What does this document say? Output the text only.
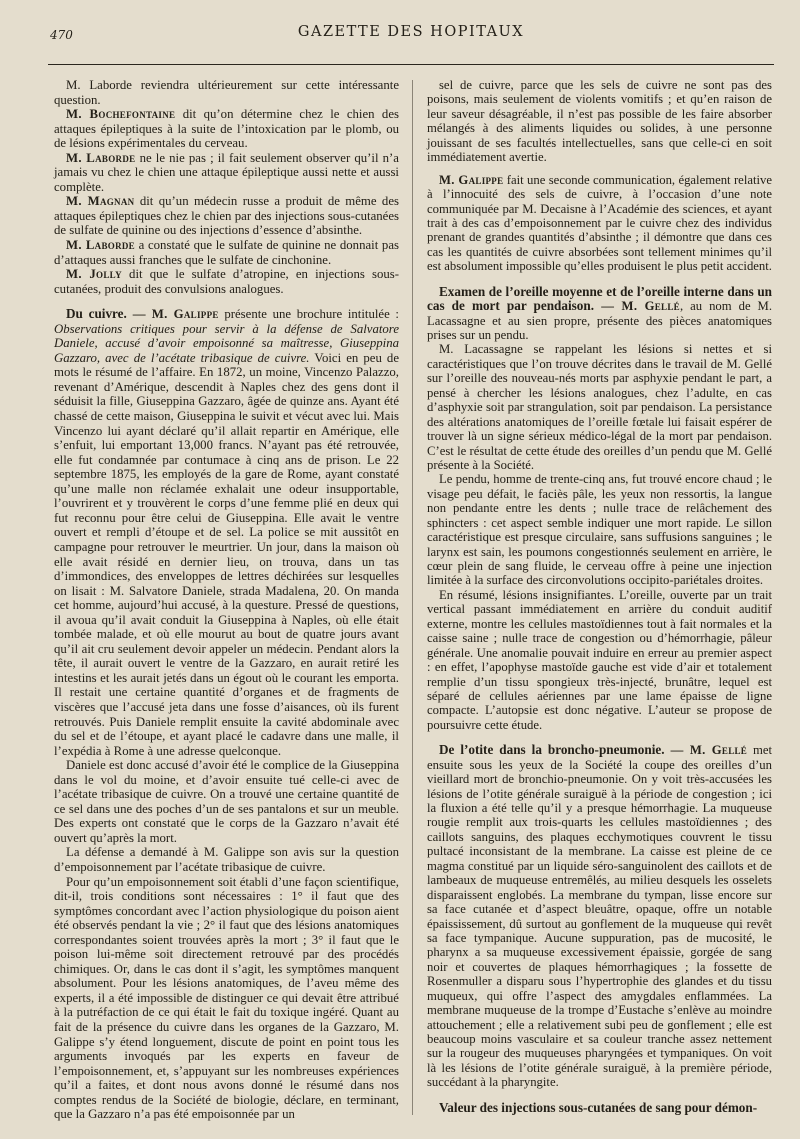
470	GAZETTE DES HOPITAUX

M. Laborde reviendra ultérieurement sur cette intéressante question.

M. Bochefontaine dit qu’on détermine chez le chien des attaques épileptiques à la suite de l’intoxication par le plomb, ou de lésions expérimentales du cerveau.

M. Laborde ne le nie pas ; il fait seulement observer qu’il n’a jamais vu chez le chien une attaque épileptique aussi nette et aussi complète.

M. Magnan dit qu’un médecin russe a produit de même des attaques épileptiques chez le chien par des injections sous-cutanées de sulfate de quinine ou des injections d’essence d’absinthe.

M. Laborde a constaté que le sulfate de quinine ne donnait pas d’attaques aussi franches que le sulfate de cinchonine.

M. Jolly dit que le sulfate d’atropine, en injections sous-cutanées, produit des convulsions analogues.

Du cuivre. — M. Galippe présente une brochure intitulée : Observations critiques pour servir à la défense de Salvatore Daniele, accusé d’avoir empoisonné sa maîtresse, Giuseppina Gazzaro, avec de l’acétate tribasique de cuivre. Voici en peu de mots le résumé de l’affaire. En 1872, un moine, Vincenzo Palazzo, revenant d’Amérique, descendit à Naples chez des gens dont il séduisit la fille, Giuseppina Gazzaro, âgée de quinze ans. Ayant été chassé de cette maison, Giuseppina le suivit et vécut avec lui. Mais Vincenzo lui ayant déclaré qu’il allait repartir en Amérique, elle s’enfuit, lui emportant 13,000 francs. N’ayant pas été retrouvée, elle fut condamnée par contumace à cinq ans de prison. Le 22 septembre 1875, les employés de la gare de Rome, ayant constaté qu’une malle non réclamée exhalait une odeur insupportable, l’ouvrirent et y trouvèrent le corps d’une femme plié en deux qui fut reconnu pour être celui de Giuseppina. Elle avait le ventre ouvert et rempli d’étoupe et de sel. La police se mit aussitôt en campagne pour retrouver le meurtrier. Un jour, dans la maison où elle avait résidé en dernier lieu, on trouva, dans un tas d’immondices, des enveloppes de lettres déchirées sur lesquelles on lisait : M. Salvatore Daniele, strada Madalena, 20. On manda cet homme, aujourd’hui accusé, à la questure. Pressé de questions, il avoua qu’il avait conduit la Giuseppina à Naples, où elle était tombée malade, et où elle mourut au bout de quatre jours avant qu’il ait cru seulement devoir appeler un médecin. Pendant alors la tête, il aurait ouvert le ventre de la Gazzaro, en aurait retiré les intestins et les aurait jetés dans un égout où le courant les emporta. Il restait une certaine quantité d’organes et de fragments de viscères que l’accusé jeta dans une fosse d’aisances, où ils furent retrouvés. Puis Daniele remplit ensuite la cavité abdominale avec du sel et de l’étoupe, et ayant placé le cadavre dans une malle, il l’expédia à Rome à une adresse quelconque.

Daniele est donc accusé d’avoir été le complice de la Giuseppina dans le vol du moine, et d’avoir ensuite tué celle-ci avec de l’acétate tribasique de cuivre. On a trouvé une certaine quantité de ce sel dans une des poches d’un de ses pantalons et sur un meuble. Des experts ont constaté que le corps de la Gazzaro n’avait été ouvert qu’après la mort.

La défense a demandé à M. Galippe son avis sur la question d’empoisonnement par l’acétate tribasique de cuivre.

Pour qu’un empoisonnement soit établi d’une façon scientifique, dit-il, trois conditions sont nécessaires : 1° il faut que des symptômes concordant avec l’action physiologique du poison aient été observés pendant la vie ; 2° il faut que des lésions anatomiques correspondantes soient trouvées après la mort ; 3° il faut que le poison lui-même soit directement retrouvé par des procédés chimiques. Or, dans le cas dont il s’agit, les symptômes manquent absolument. Pour les lésions anatomiques, de l’aveu même des experts, il a été impossible de distinguer ce qui devait être attribué à la putréfaction de ce qui était le fait du toxique ingéré. Quant au fait de la présence du cuivre dans les organes de la Gazzaro, M. Galippe s’y étend longuement, discute de point en point tous les arguments invoqués par les experts en faveur de l’empoisonnement, et, s’appuyant sur les nombreuses expériences qu’il a faites, et dont nous avons donné le résumé dans nos comptes rendus de la Société de biologie, déclare, en terminant, que la Gazzaro n’a pas été empoisonnée par un

sel de cuivre, parce que les sels de cuivre ne sont pas des poisons, mais seulement de violents vomitifs ; et qu’en raison de leur saveur désagréable, il n’est pas possible de les faire absorber mélangés à des aliments liquides ou solides, à une personne jouissant de ses facultés intellectuelles, sans que celle-ci en soit immédiatement avertie.

M. Galippe fait une seconde communication, également relative à l’innocuité des sels de cuivre, à l’occasion d’une note communiquée par M. Decaisne à l’Académie des sciences, et ayant trait à des cas d’empoisonnement par le cuivre chez des individus prenant de grandes quantités d’absinthe ; il démontre que dans ces cas les quantités de cuivre absorbées sont tellement minimes qu’il est absolument impossible qu’elles produisent le plus petit accident.

Examen de l’oreille moyenne et de l’oreille interne dans un cas de mort par pendaison. — M. Gellé, au nom de M. Lacassagne et au sien propre, présente des pièces anatomiques prises sur un pendu.

M. Lacassagne se rappelant les lésions si nettes et si caractéristiques que l’on trouve décrites dans le travail de M. Gellé sur l’oreille des nouveau-nés morts par asphyxie pendant le part, a pensé à chercher les lésions analogues, chez l’adulte, en cas d’asphyxie soit par strangulation, soit par pendaison. La persistance des altérations anatomiques de l’oreille fœtale lui faisait espérer de trouver là un signe sérieux médico-légal de la mort par pendaison. C’est le résultat de cette étude des oreilles d’un pendu que M. Gellé présente à la Société.

Le pendu, homme de trente-cinq ans, fut trouvé encore chaud ; le visage peu défait, le faciès pâle, les yeux non ressortis, la langue non pendante entre les dents ; nulle trace de relâchement des sphincters : cet aspect semble indiquer une mort rapide. Le sillon caractéristique est presque circulaire, sans suffusions sanguines ; le larynx est sain, les poumons congestionnés seulement en arrière, le cœur plein de sang fluide, le cerveau offre à peine une injection limitée à la surface des circonvolutions occipito-pariétales droites.

En résumé, lésions insignifiantes. L’oreille, ouverte par un trait vertical passant immédiatement en arrière du conduit auditif externe, montre les cellules mastoïdiennes tout à fait normales et la caisse saine ; nulle trace de congestion ou d’hémorrhagie, pâleur générale. Une anomalie pouvait induire en erreur au premier aspect : en effet, l’apophyse mastoïde gauche est vide d’air et totalement remplie d’un tissu spongieux très-injecté, brunâtre, lequel est séparé de cellules aériennes par une lame épaisse de ligne compacte. L’autopsie est donc négative. L’auteur se propose de poursuivre cette étude.

De l’otite dans la broncho-pneumonie. — M. Gellé met ensuite sous les yeux de la Société la coupe des oreilles d’un vieillard mort de bronchio-pneumonie. On y voit très-accusées les lésions de l’otite générale suraiguë à la période de congestion ; ici la fluxion a été telle qu’il y a presque hémorrhagie. La muqueuse rougie remplit aux trois-quarts les cellules mastoïdiennes ; des caillots sanguins, des plaques ecchymotiques couvrent le tissu pultacé inconsistant de la membrane. La caisse est pleine de ce magma constitué par un liquide séro-sanguinolent des caillots et de lambeaux de muqueuse entremêlés, au milieu desquels les osselets disparaissent englobés. La membrane du tympan, lisse encore sur sa face cutanée et d’aspect bleuâtre, opaque, offre un notable épaississement, dû surtout au gonflement de la muqueuse qui revêt sa face tympanique. Aucune suppuration, pas de mucosité, le pharynx a sa muqueuse excessivement épaissie, gorgée de sang noir et couvertes de plaques hémorrhagiques ; la fossette de Rosenmuller a disparu sous l’hypertrophie des glandes et du tissu muqueux, qui offre l’aspect des amygdales enflammées. La membrane muqueuse de la trompe d’Eustache s’enlève au moindre attouchement ; elle a relativement subi peu de gonflement ; elle est beaucoup moins vasculaire et sa couleur tranche assez nettement sur la rougeur des muqueuses pharyngées et tympaniques. On voit là les lésions de l’otite générale suraiguë, à la première période, succédant à la pharyngite.

Valeur des injections sous-cutanées de sang pour démon-
